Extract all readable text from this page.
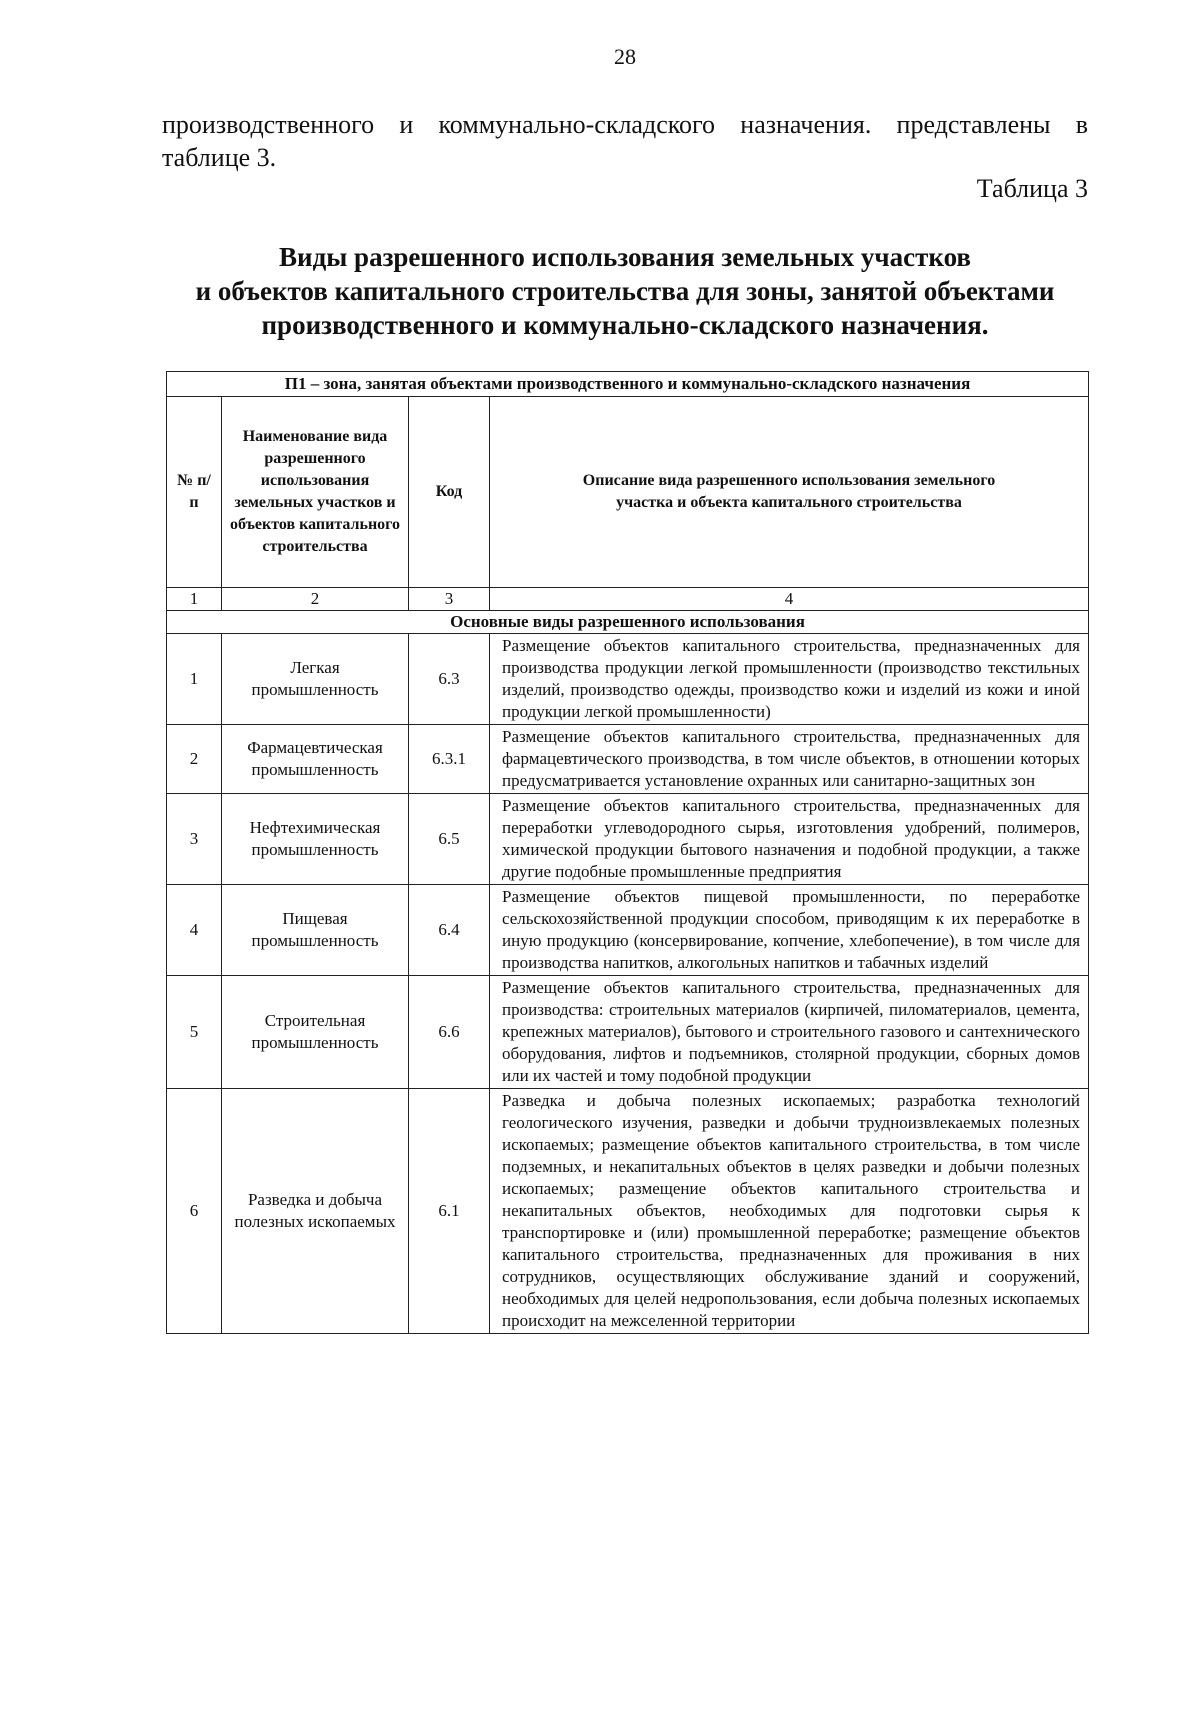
28

производственного и коммунально-складского назначения. представлены в таблице 3.

Таблица 3
Виды разрешенного использования земельных участков
и объектов капитального строительства для зоны, занятой объектами
производственного и коммунально-складского назначения.
П1 – зона, занятая объектами производственного и коммунально-складского назначения			
№ п/п	Наименование вида разрешенного использования земельных участков и объектов капитального строительства	Код	Описание вида разрешенного использования земельного участка и объекта капитального строительства
1	2	3	4
Основные виды разрешенного использования			
1	Легкая промышленность	6.3	Размещение объектов капитального строительства, предназначенных для производства продукции легкой промышленности (производство текстильных изделий, производство одежды, производство кожи и изделий из кожи и иной продукции легкой промышленности)
2	Фармацевтическая промышленность	6.3.1	Размещение объектов капитального строительства, предназначенных для фармацевтического производства, в том числе объектов, в отношении которых предусматривается установление охранных или санитарно-защитных зон
3	Нефтехимическая промышленность	6.5	Размещение объектов капитального строительства, предназначенных для переработки углеводородного сырья, изготовления удобрений, полимеров, химической продукции бытового назначения и подобной продукции, а также другие подобные промышленные предприятия
4	Пищевая промышленность	6.4	Размещение объектов пищевой промышленности, по переработке сельскохозяйственной продукции способом, приводящим к их переработке в иную продукцию (консервирование, копчение, хлебопечение), в том числе для производства напитков, алкогольных напитков и табачных изделий
5	Строительная промышленность	6.6	Размещение объектов капитального строительства, предназначенных для производства: строительных материалов (кирпичей, пиломатериалов, цемента, крепежных материалов), бытового и строительного газового и сантехнического оборудования, лифтов и подъемников, столярной продукции, сборных домов или их частей и тому подобной продукции
6	Разведка и добыча полезных ископаемых	6.1	Разведка и добыча полезных ископаемых; разработка технологий геологического изучения, разведки и добычи трудноизвлекаемых полезных ископаемых; размещение объектов капитального строительства, в том числе подземных, и некапитальных объектов в целях разведки и добычи полезных ископаемых; размещение объектов капитального строительства и некапитальных объектов, необходимых для подготовки сырья к транспортировке и (или) промышленной переработке; размещение объектов капитального строительства, предназначенных для проживания в них сотрудников, осуществляющих обслуживание зданий и сооружений, необходимых для целей недропользования, если добыча полезных ископаемых происходит на межселенной территории
